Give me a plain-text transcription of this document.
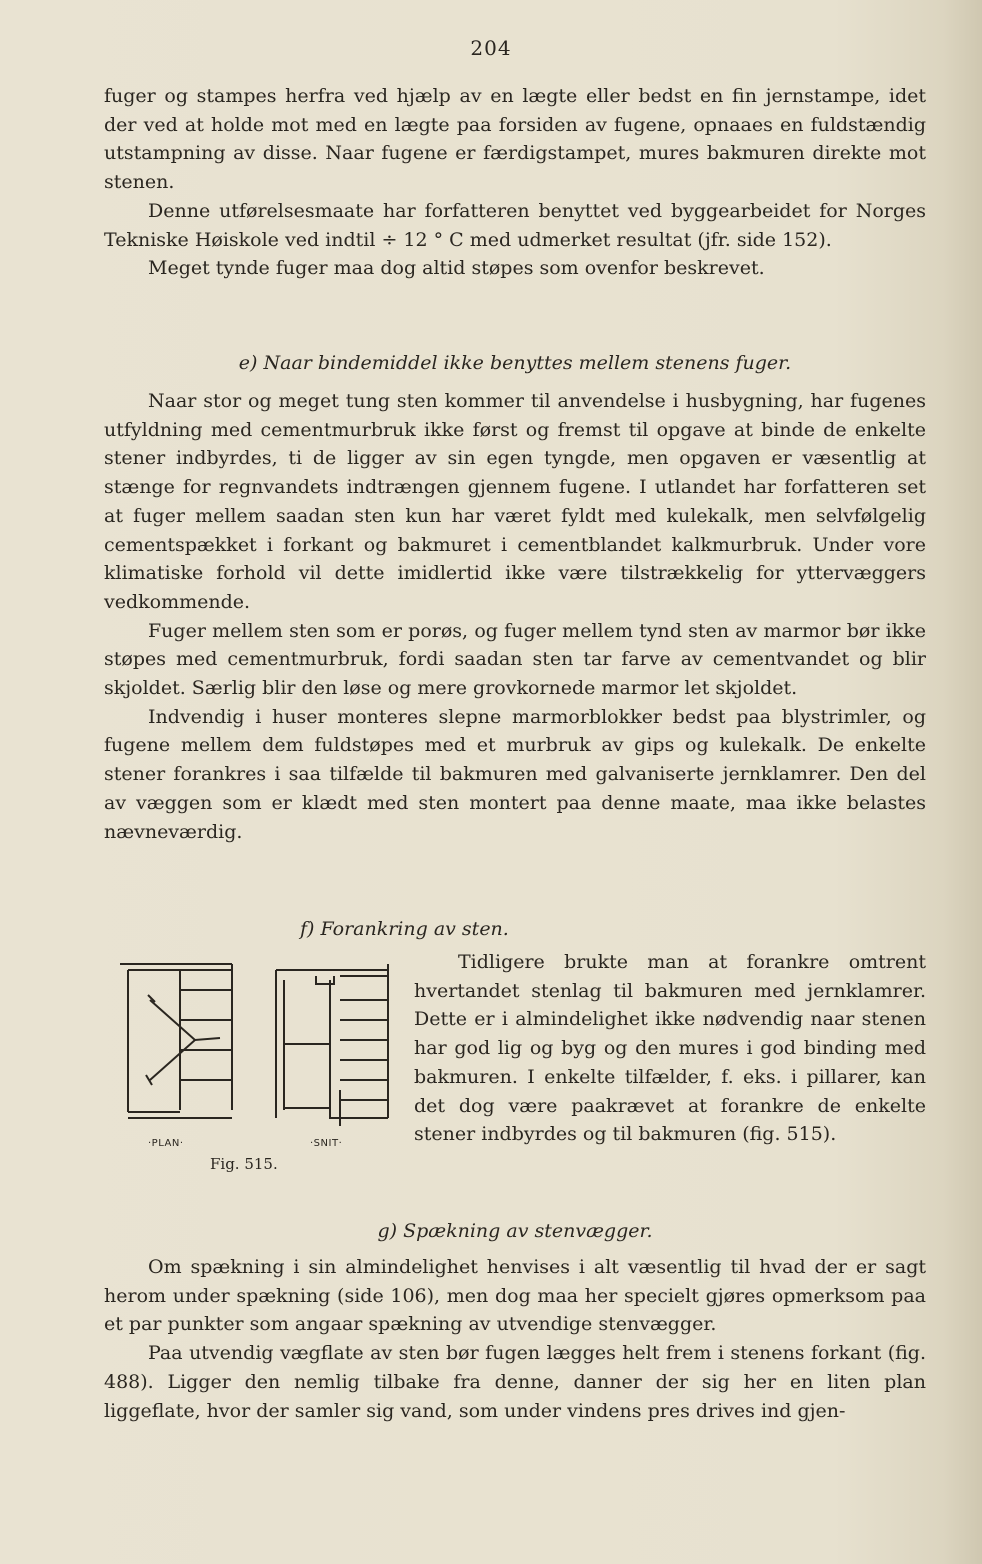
204

fuger og stampes herfra ved hjælp av en lægte eller bedst en fin jernstampe, idet der ved at holde mot med en lægte paa forsiden av fugene, opnaaes en fuldstændig utstampning av disse. Naar fugene er færdigstampet, mures bakmuren direkte mot stenen.

Denne utførelsesmaate har forfatteren benyttet ved byggearbeidet for Norges Tekniske Høiskole ved indtil ÷ 12 ° C med udmerket resultat (jfr. side 152).

Meget tynde fuger maa dog altid støpes som ovenfor beskrevet.

e) Naar bindemiddel ikke benyttes mellem stenens fuger.

Naar stor og meget tung sten kommer til anvendelse i husbygning, har fugenes utfyldning med cementmurbruk ikke først og fremst til opgave at binde de enkelte stener indbyrdes, ti de ligger av sin egen tyngde, men opgaven er væsentlig at stænge for regnvandets indtrængen gjennem fugene. I utlandet har forfatteren set at fuger mellem saadan sten kun har været fyldt med kulekalk, men selvfølgelig cementspækket i forkant og bakmuret i cementblandet kalkmurbruk. Under vore klimatiske forhold vil dette imidlertid ikke være tilstrækkelig for yttervæggers vedkommende.

Fuger mellem sten som er porøs, og fuger mellem tynd sten av marmor bør ikke støpes med cementmurbruk, fordi saadan sten tar farve av cementvandet og blir skjoldet. Særlig blir den løse og mere grovkornede marmor let skjoldet.

Indvendig i huser monteres slepne marmorblokker bedst paa blystrimler, og fugene mellem dem fuldstøpes med et murbruk av gips og kulekalk. De enkelte stener forankres i saa tilfælde til bakmuren med galvaniserte jernklamrer. Den del av væggen som er klædt med sten montert paa denne maate, maa ikke belastes nævneværdig.

f) Forankring av sten.
·PLAN·	·SNIT·
Fig. 515.

Tidligere brukte man at forankre omtrent hvertandet stenlag til bakmuren med jernklamrer. Dette er i almindelighet ikke nødvendig naar stenen har god lig og byg og den mures i god binding med bakmuren. I enkelte tilfælder, f. eks. i pillarer, kan det dog være paakrævet at forankre de enkelte stener indbyrdes og til bakmuren (fig. 515).

g) Spækning av stenvægger.

Om spækning i sin almindelighet henvises i alt væsentlig til hvad der er sagt herom under spækning (side 106), men dog maa her specielt gjøres opmerksom paa et par punkter som angaar spækning av utvendige stenvægger.

Paa utvendig vægflate av sten bør fugen lægges helt frem i stenens forkant (fig. 488). Ligger den nemlig tilbake fra denne, danner der sig her en liten plan liggeflate, hvor der samler sig vand, som under vindens pres drives ind gjen-
